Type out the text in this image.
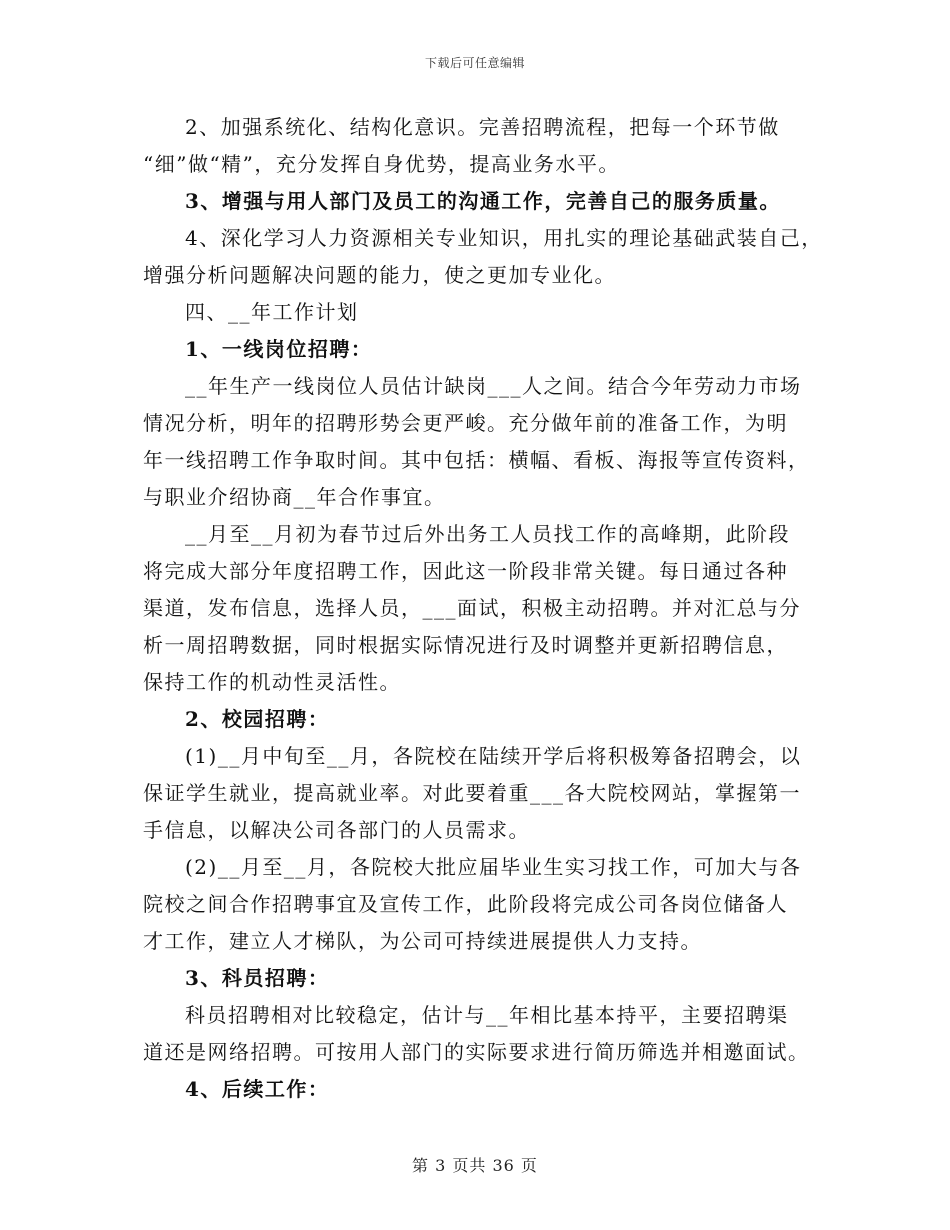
下载后可任意编辑
2、加强系统化、结构化意识。完善招聘流程，把每一个环节做
“细”做“精”，充分发挥自身优势，提高业务水平。
3、增强与用人部门及员工的沟通工作，完善自己的服务质量。
4、深化学习人力资源相关专业知识，用扎实的理论基础武装自己，
增强分析问题解决问题的能力，使之更加专业化。
四、__年工作计划
1、一线岗位招聘：
__年生产一线岗位人员估计缺岗___人之间。结合今年劳动力市场
情况分析，明年的招聘形势会更严峻。充分做年前的准备工作，为明
年一线招聘工作争取时间。其中包括：横幅、看板、海报等宣传资料，
与职业介绍协商__年合作事宜。
__月至__月初为春节过后外出务工人员找工作的高峰期，此阶段
将完成大部分年度招聘工作，因此这一阶段非常关键。每日通过各种
渠道，发布信息，选择人员，___面试，积极主动招聘。并对汇总与分
析一周招聘数据，同时根据实际情况进行及时调整并更新招聘信息，
保持工作的机动性灵活性。
2、校园招聘：
(1)__月中旬至__月，各院校在陆续开学后将积极筹备招聘会，以
保证学生就业，提高就业率。对此要着重___各大院校网站，掌握第一
手信息，以解决公司各部门的人员需求。
(2)__月至__月，各院校大批应届毕业生实习找工作，可加大与各
院校之间合作招聘事宜及宣传工作，此阶段将完成公司各岗位储备人
才工作，建立人才梯队，为公司可持续进展提供人力支持。
3、科员招聘：
科员招聘相对比较稳定，估计与__年相比基本持平，主要招聘渠
道还是网络招聘。可按用人部门的实际要求进行简历筛选并相邀面试。
4、后续工作：
第 3 页共 36 页
